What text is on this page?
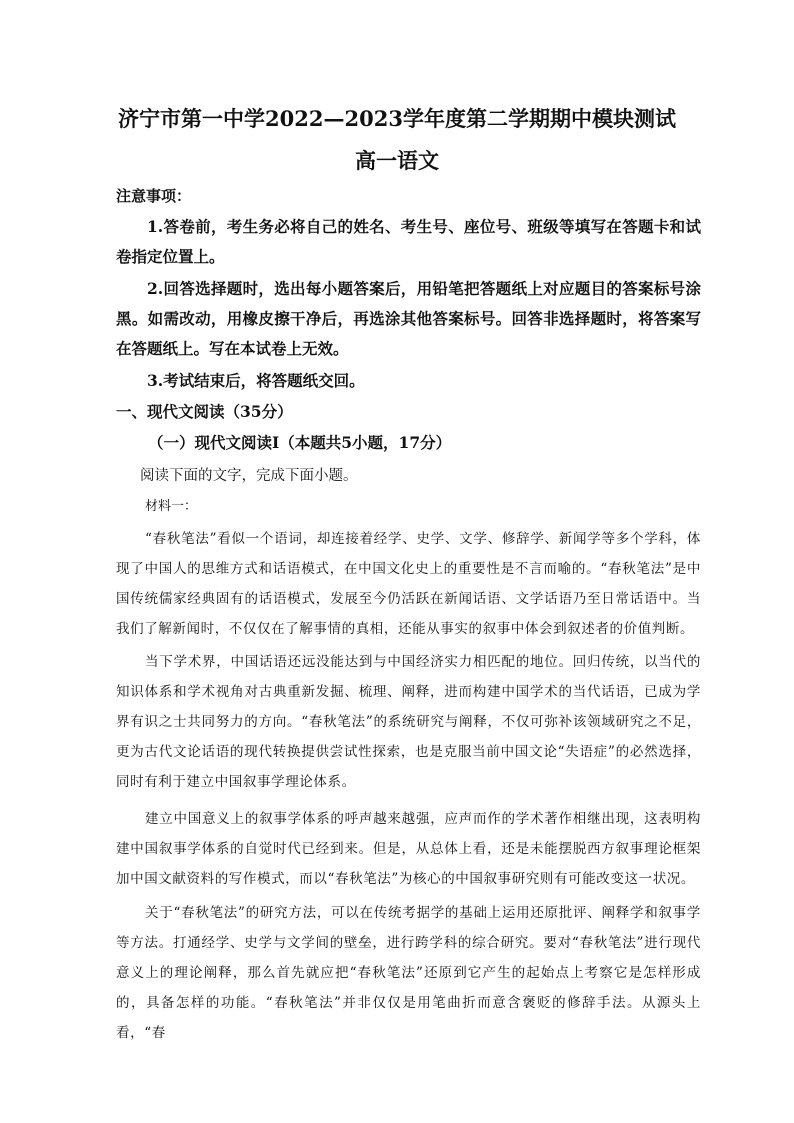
济宁市第一中学2022—2023学年度第二学期期中模块测试
高一语文
注意事项：

1.答卷前，考生务必将自己的姓名、考生号、座位号、班级等填写在答题卡和试卷指定位置上。

2.回答选择题时，选出每小题答案后，用铅笔把答题纸上对应题目的答案标号涂黑。如需改动，用橡皮擦干净后，再选涂其他答案标号。回答非选择题时，将答案写在答题纸上。写在本试卷上无效。

3.考试结束后，将答题纸交回。

一、现代文阅读（35分）
（一）现代文阅读Ⅰ（本题共5小题，17分）
阅读下面的文字，完成下面小题。
材料一：

“春秋笔法”看似一个语词，却连接着经学、史学、文学、修辞学、新闻学等多个学科，体现了中国人的思维方式和话语模式，在中国文化史上的重要性是不言而喻的。“春秋笔法”是中国传统儒家经典固有的话语模式，发展至今仍活跃在新闻话语、文学话语乃至日常话语中。当我们了解新闻时，不仅仅在了解事情的真相，还能从事实的叙事中体会到叙述者的价值判断。

当下学术界，中国话语还远没能达到与中国经济实力相匹配的地位。回归传统，以当代的知识体系和学术视角对古典重新发掘、梳理、阐释，进而构建中国学术的当代话语，已成为学界有识之士共同努力的方向。“春秋笔法”的系统研究与阐释，不仅可弥补该领域研究之不足，更为古代文论话语的现代转换提供尝试性探索，也是克服当前中国文论“失语症”的必然选择，同时有利于建立中国叙事学理论体系。

建立中国意义上的叙事学体系的呼声越来越强，应声而作的学术著作相继出现，这表明构建中国叙事学体系的自觉时代已经到来。但是，从总体上看，还是未能摆脱西方叙事理论框架加中国文献资料的写作模式，而以“春秋笔法”为核心的中国叙事研究则有可能改变这一状况。

关于“春秋笔法”的研究方法，可以在传统考据学的基础上运用还原批评、阐释学和叙事学等方法。打通经学、史学与文学间的壁垒，进行跨学科的综合研究。要对“春秋笔法”进行现代意义上的理论阐释，那么首先就应把“春秋笔法”还原到它产生的起始点上考察它是怎样形成的，具备怎样的功能。“春秋笔法”并非仅仅是用笔曲折而意含褒贬的修辞手法。从源头上看，“春
